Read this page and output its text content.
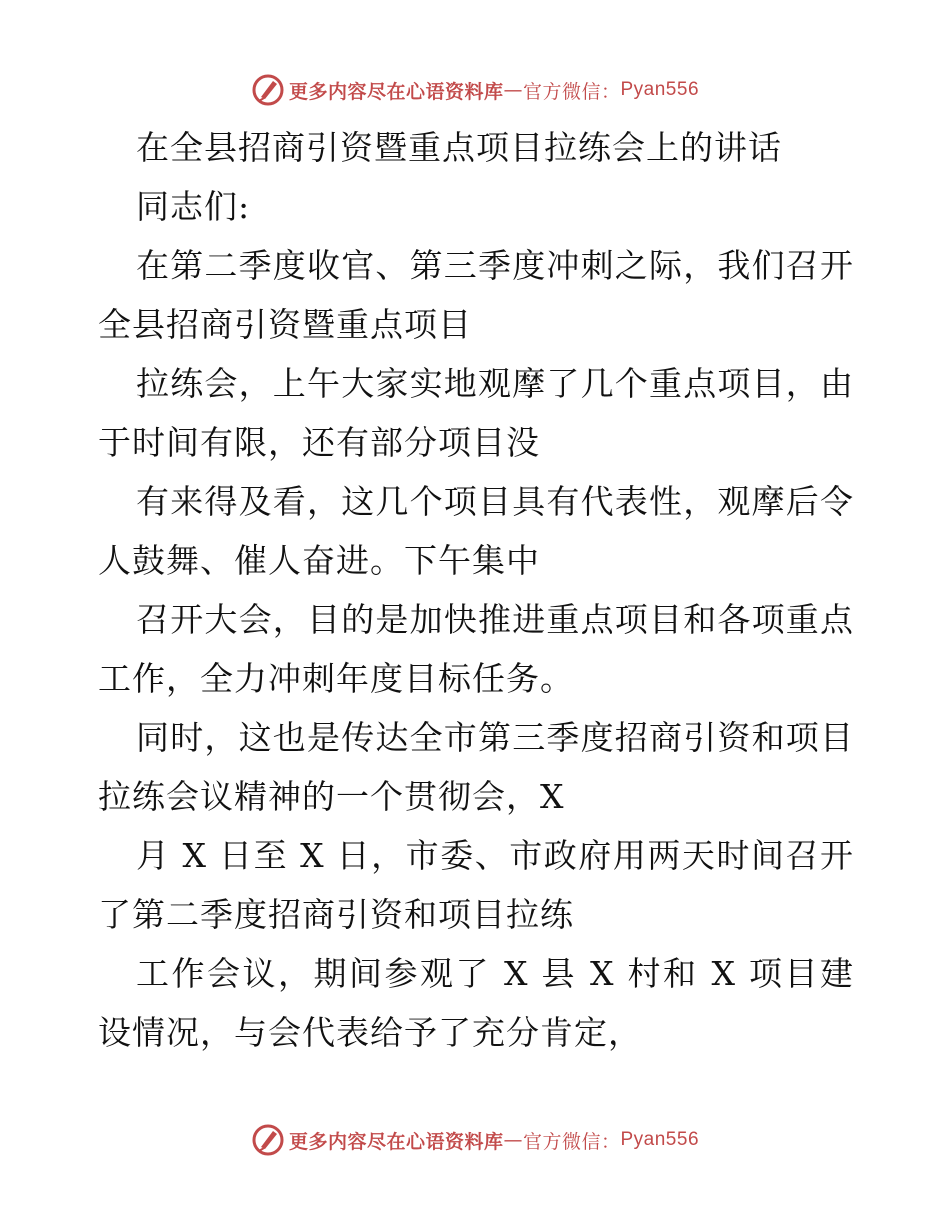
更多内容尽在心语资料库 — 官方微信： Pyan556
在全县招商引资暨重点项目拉练会上的讲话
同志们:
在第二季度收官、第三季度冲刺之际，我们召开
全县招商引资暨重点项目
拉练会，上午大家实地观摩了几个重点项目，由
于时间有限，还有部分项目没
有来得及看，这几个项目具有代表性，观摩后令
人鼓舞、催人奋进。下午集中
召开大会，目的是加快推进重点项目和各项重点
工作，全力冲刺年度目标任务。
同时，这也是传达全市第三季度招商引资和项目
拉练会议精神的一个贯彻会，X
月 X 日至 X 日，市委、市政府用两天时间召开
了第二季度招商引资和项目拉练
工作会议，期间参观了 X 县 X 村和 X 项目建
设情况，与会代表给予了充分肯定，
更多内容尽在心语资料库 — 官方微信： Pyan556
